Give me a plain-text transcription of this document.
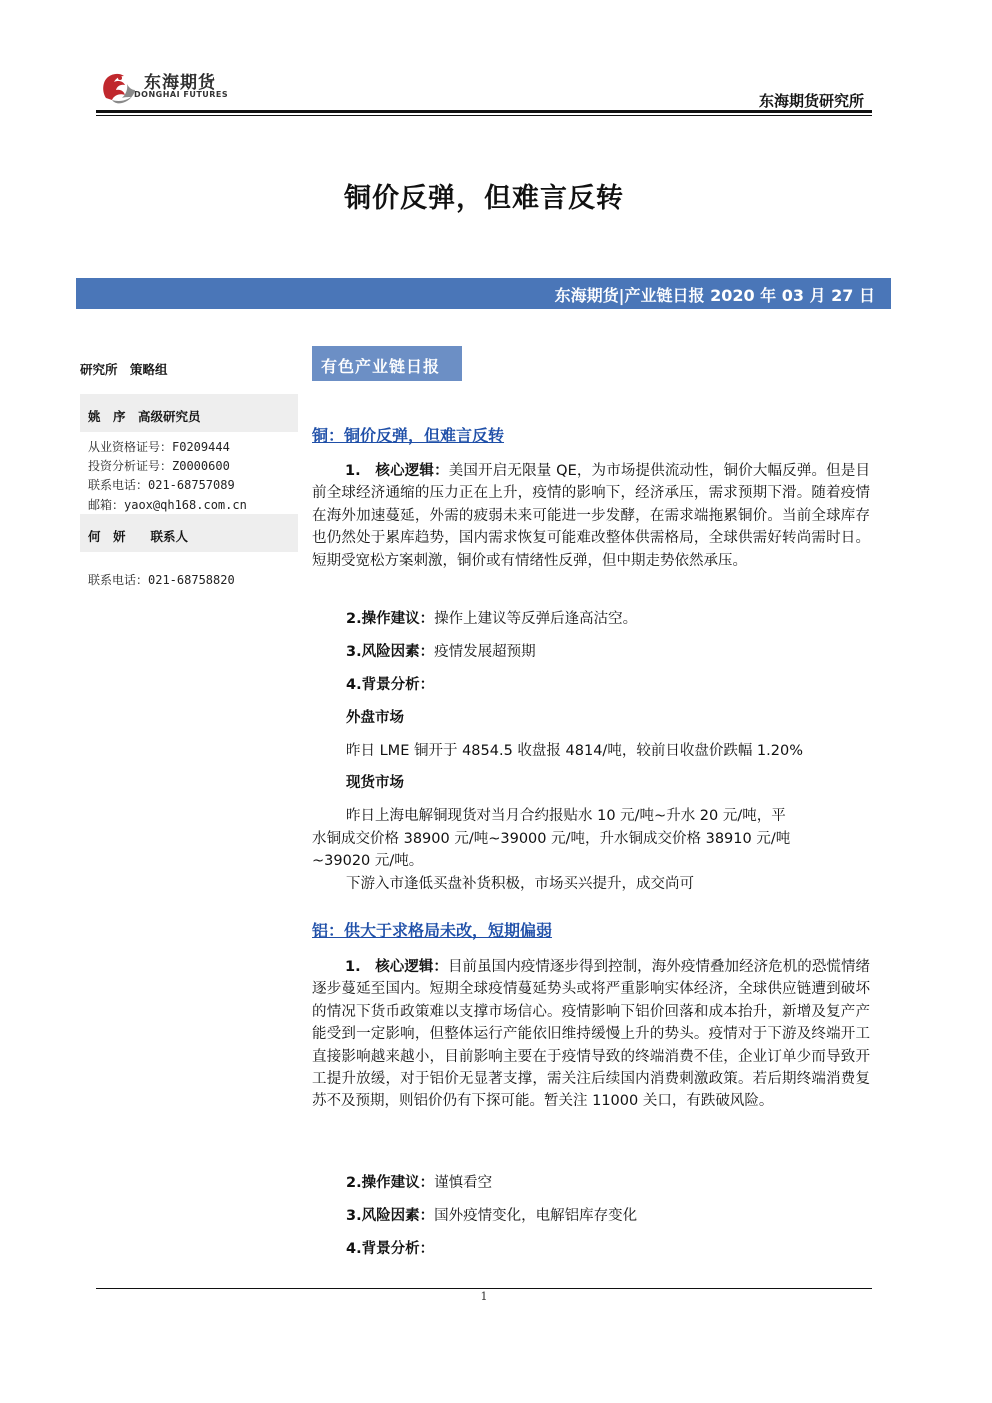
东海期货
DONGHAI FUTURES	东海期货研究所
铜价反弹，但难言反转
东海期货|产业链日报 2020 年 03 月 27 日
研究所　策略组
姚　序　高级研究员
从业资格证号：F0209444
投资分析证号：Z0000600
联系电话：021-68757089
邮箱：yaox@qh168.com.cn
何　妍　　联系人
联系电话：021-68758820
有色产业链日报
铜：铜价反弹，但难言反转
1.　核心逻辑：美国开启无限量 QE，为市场提供流动性，铜价大幅反弹。但是目前全球经济通缩的压力正在上升，疫情的影响下，经济承压，需求预期下滑。随着疫情在海外加速蔓延，外需的疲弱未来可能进一步发酵，在需求端拖累铜价。当前全球库存也仍然处于累库趋势，国内需求恢复可能难改整体供需格局，全球供需好转尚需时日。短期受宽松方案刺激，铜价或有情绪性反弹，但中期走势依然承压。
2.操作建议：操作上建议等反弹后逢高沽空。
3.风险因素：疫情发展超预期
4.背景分析：
外盘市场
昨日 LME 铜开于 4854.5 收盘报 4814/吨，较前日收盘价跌幅 1.20%
现货市场
昨日上海电解铜现货对当月合约报贴水 10 元/吨~升水 20 元/吨，平
水铜成交价格 38900 元/吨~39000 元/吨，升水铜成交价格 38910 元/吨
~39020 元/吨。
下游入市逢低买盘补货积极，市场买兴提升，成交尚可
铝：供大于求格局未改，短期偏弱
1.　核心逻辑：目前虽国内疫情逐步得到控制，海外疫情叠加经济危机的恐慌情绪逐步蔓延至国内。短期全球疫情蔓延势头或将严重影响实体经济，全球供应链遭到破坏的情况下货币政策难以支撑市场信心。疫情影响下铝价回落和成本抬升，新增及复产产能受到一定影响，但整体运行产能依旧维持缓慢上升的势头。疫情对于下游及终端开工直接影响越来越小，目前影响主要在于疫情导致的终端消费不佳，企业订单少而导致开工提升放缓，对于铝价无显著支撑，需关注后续国内消费刺激政策。若后期终端消费复苏不及预期，则铝价仍有下探可能。暂关注 11000 关口，有跌破风险。
2.操作建议：谨慎看空
3.风险因素：国外疫情变化，电解铝库存变化
4.背景分析：
1
